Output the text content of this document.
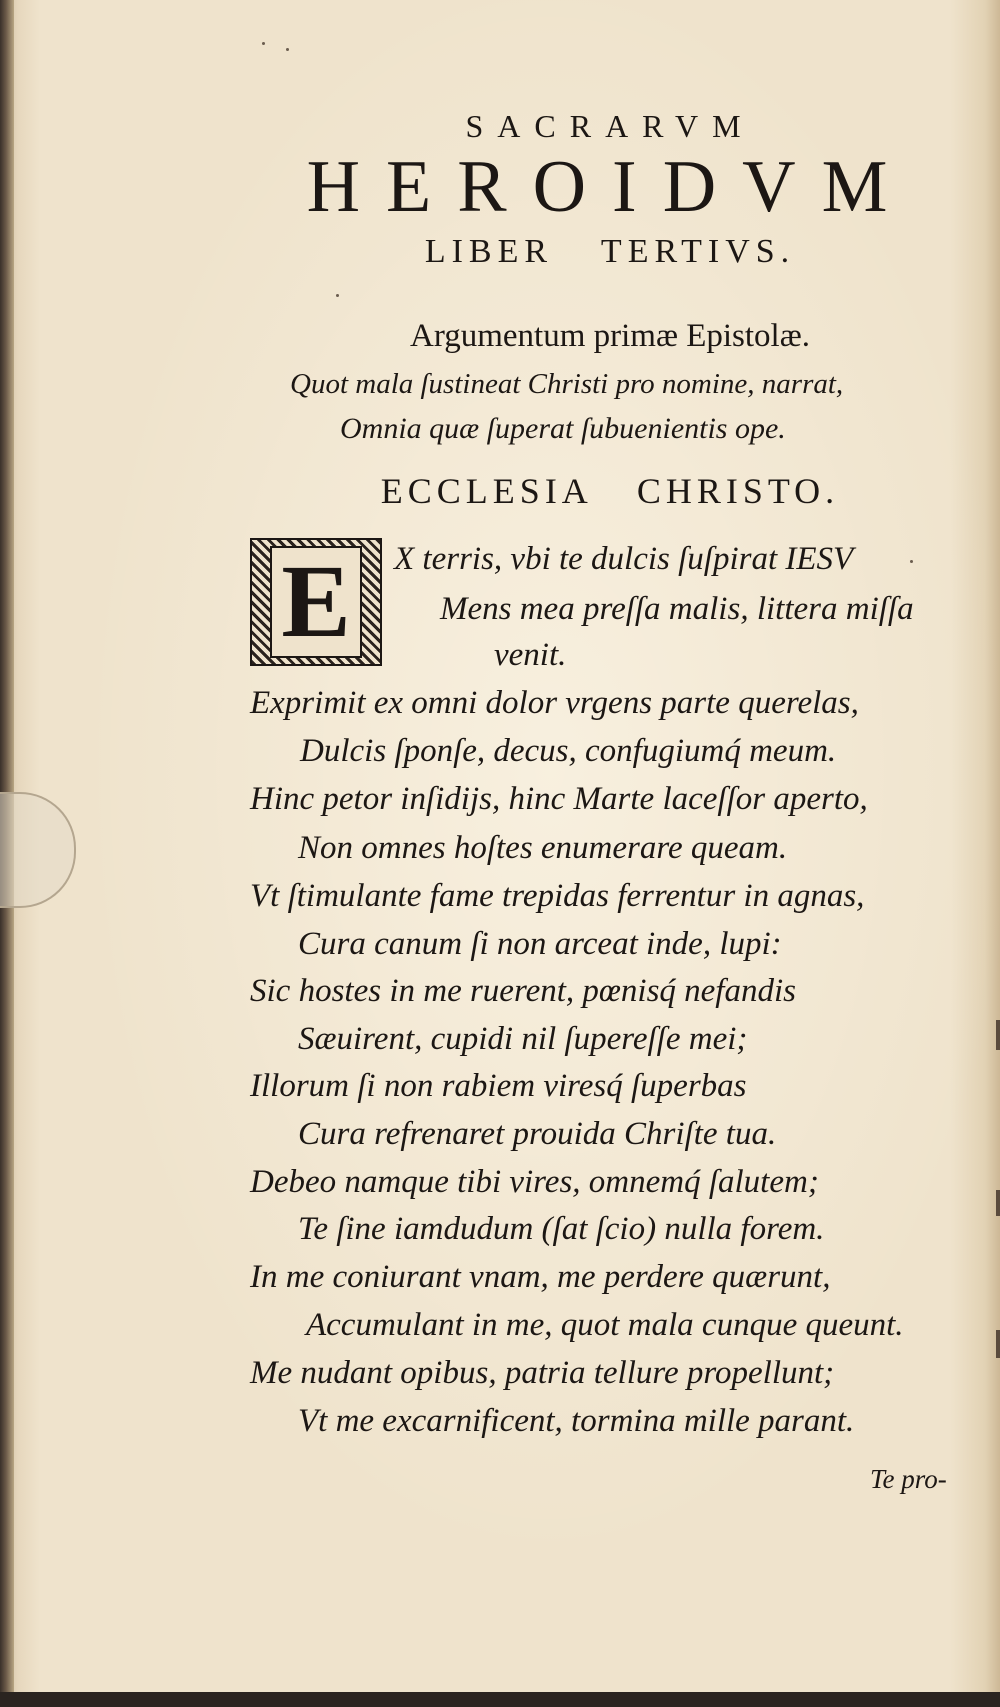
SACRARVM
HEROIDVM
LIBER TERTIVS.
Argumentum primæ Epistolæ.
Quot mala ſustineat Christi pro nomine, narrat,
Omnia quæ ſuperat ſubuenientis ope.
ECCLESIA CHRISTO.
E	X terris, vbi te dulcis ſuſpirat IESV
Mens mea preſſa malis, littera miſſa
venit.
Exprimit ex omni dolor vrgens parte querelas,
Dulcis ſponſe, decus, confugiumq́ meum.
Hinc petor inſidijs, hinc Marte laceſſor aperto,
Non omnes hoſtes enumerare queam.
Vt ſtimulante fame trepidas ferrentur in agnas,
Cura canum ſi non arceat inde, lupi:
Sic hostes in me ruerent, pœnisq́ nefandis
Sæuirent, cupidi nil ſupereſſe mei;
Illorum ſi non rabiem viresq́ ſuperbas
Cura refrenaret prouida Chriſte tua.
Debeo namque tibi vires, omnemq́ ſalutem;
Te ſine iamdudum (ſat ſcio) nulla forem.
In me coniurant vnam, me perdere quærunt,
Accumulant in me, quot mala cunque queunt.
Me nudant opibus, patria tellure propellunt;
Vt me excarnificent, tormina mille parant.
Te pro-
